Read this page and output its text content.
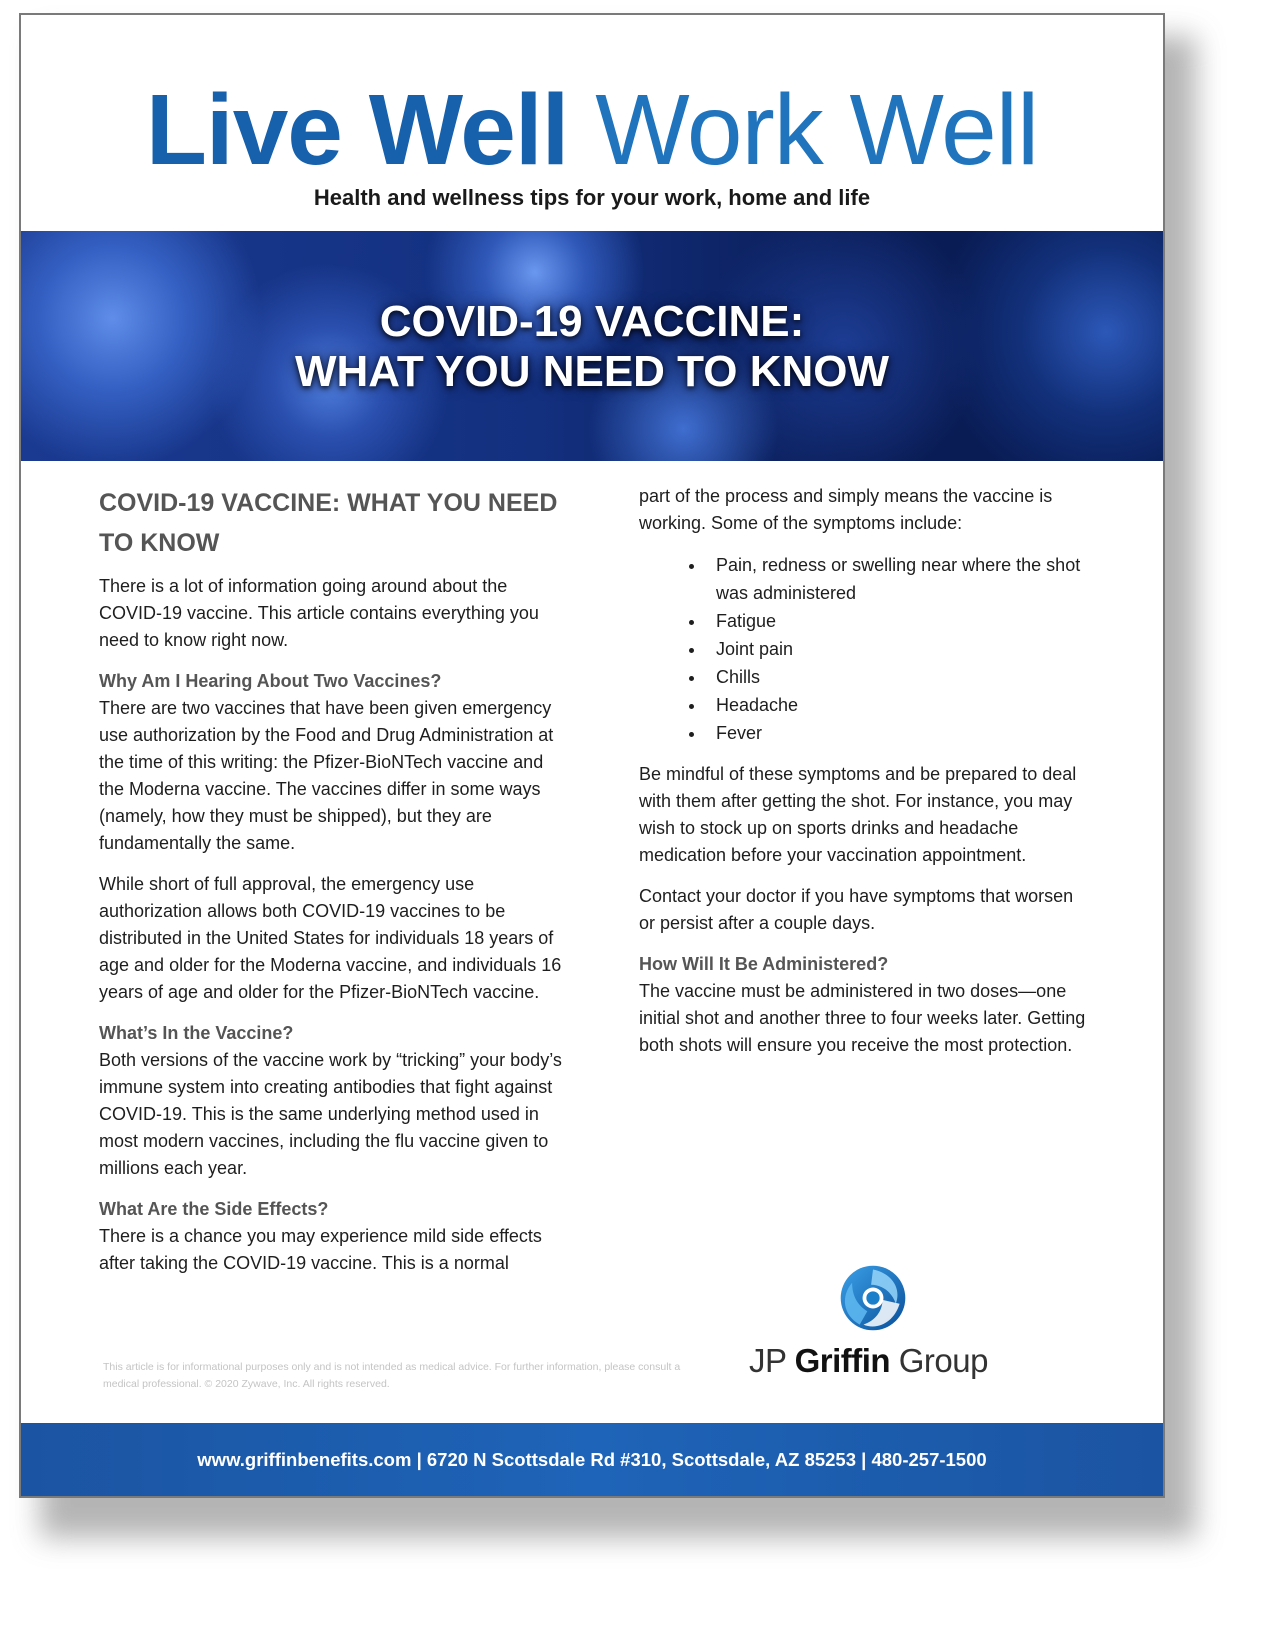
Live Well Work Well
Health and wellness tips for your work, home and life
COVID-19 VACCINE:
WHAT YOU NEED TO KNOW
COVID-19 VACCINE: WHAT YOU NEED TO KNOW

There is a lot of information going around about the COVID-19 vaccine. This article contains everything you need to know right now.

Why Am I Hearing About Two Vaccines?

There are two vaccines that have been given emergency use authorization by the Food and Drug Administration at the time of this writing: the Pfizer-BioNTech vaccine and the Moderna vaccine. The vaccines differ in some ways (namely, how they must be shipped), but they are fundamentally the same.

While short of full approval, the emergency use authorization allows both COVID-19 vaccines to be distributed in the United States for individuals 18 years of age and older for the Moderna vaccine, and individuals 16 years of age and older for the Pfizer-BioNTech vaccine.

What’s In the Vaccine?

Both versions of the vaccine work by “tricking” your body’s immune system into creating antibodies that fight against COVID-19. This is the same underlying method used in most modern vaccines, including the flu vaccine given to millions each year.

What Are the Side Effects?

There is a chance you may experience mild side effects after taking the COVID-19 vaccine. This is a normal

part of the process and simply means the vaccine is working. Some of the symptoms include:

• Pain, redness or swelling near where the shot was administered
• Fatigue
• Joint pain
• Chills
• Headache
• Fever

Be mindful of these symptoms and be prepared to deal with them after getting the shot. For instance, you may wish to stock up on sports drinks and headache medication before your vaccination appointment.

Contact your doctor if you have symptoms that worsen or persist after a couple days.

How Will It Be Administered?

The vaccine must be administered in two doses—one initial shot and another three to four weeks later. Getting both shots will ensure you receive the most protection.

This article is for informational purposes only and is not intended as medical advice. For further information, please consult a medical professional. © 2020 Zywave, Inc. All rights reserved.
JP Griffin Group
www.griffinbenefits.com | 6720 N Scottsdale Rd #310, Scottsdale, AZ 85253 | 480-257-1500
